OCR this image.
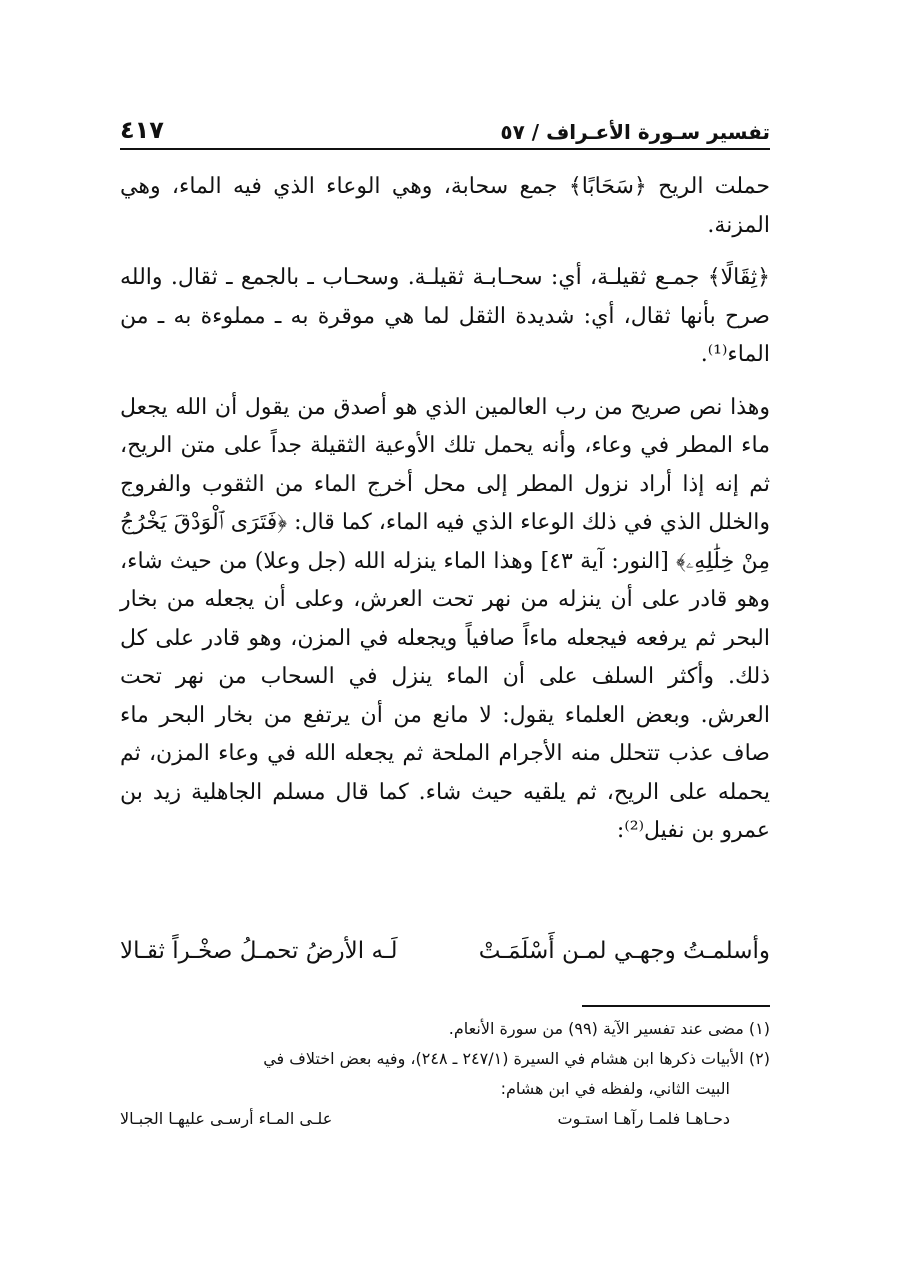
تفسير سـورة الأعـراف / ٥٧
٤١٧

حملت الريح ﴿سَحَابًا﴾ جمع سحابة، وهي الوعاء الذي فيه الماء، وهي المزنة.

﴿ثِقَالًا﴾ جمـع ثقيلـة، أي: سحـابـة ثقيلـة. وسحـاب ـ بالجمع ـ ثقال. والله صرح بأنها ثقال، أي: شديدة الثقل لما هي موقرة به ـ مملوءة به ـ من الماء⁽¹⁾.

وهذا نص صريح من رب العالمين الذي هو أصدق من يقول أن الله يجعل ماء المطر في وعاء، وأنه يحمل تلك الأوعية الثقيلة جداً على متن الريح، ثم إنه إذا أراد نزول المطر إلى محل أخرج الماء من الثقوب والفروج والخلل الذي في ذلك الوعاء الذي فيه الماء، كما قال: ﴿فَتَرَى ٱلْوَدْقَ يَخْرُجُ مِنْ خِلَٰلِهِۦ﴾ [النور: آية ٤٣] وهذا الماء ينزله الله (جل وعلا) من حيث شاء، وهو قادر على أن ينزله من نهر تحت العرش، وعلى أن يجعله من بخار البحر ثم يرفعه فيجعله ماءاً صافياً ويجعله في المزن، وهو قادر على كل ذلك. وأكثر السلف على أن الماء ينزل في السحاب من نهر تحت العرش. وبعض العلماء يقول: لا مانع من أن يرتفع من بخار البحر ماء صاف عذب تتحلل منه الأجرام الملحة ثم يجعله الله في وعاء المزن، ثم يحمله على الريح، ثم يلقيه حيث شاء. كما قال مسلم الجاهلية زيد بن عمرو بن نفيل⁽²⁾:

وأسلمـتُ وجهـي لمـن أَسْلَمَـتْ
لَـه الأرضُ تحمـلُ صخْـراً ثقـالا

(١) مضى عند تفسير الآية (٩٩) من سورة الأنعام.

(٢) الأبيات ذكرها ابن هشام في السيرة (٢٤٧/١ ـ ٢٤٨)، وفيه بعض اختلاف في

البيت الثاني، ولفظه في ابن هشام:

دحـاهـا فلمـا رآهـا استـوت
علـى المـاء أرسـى عليهـا الجبـالا
